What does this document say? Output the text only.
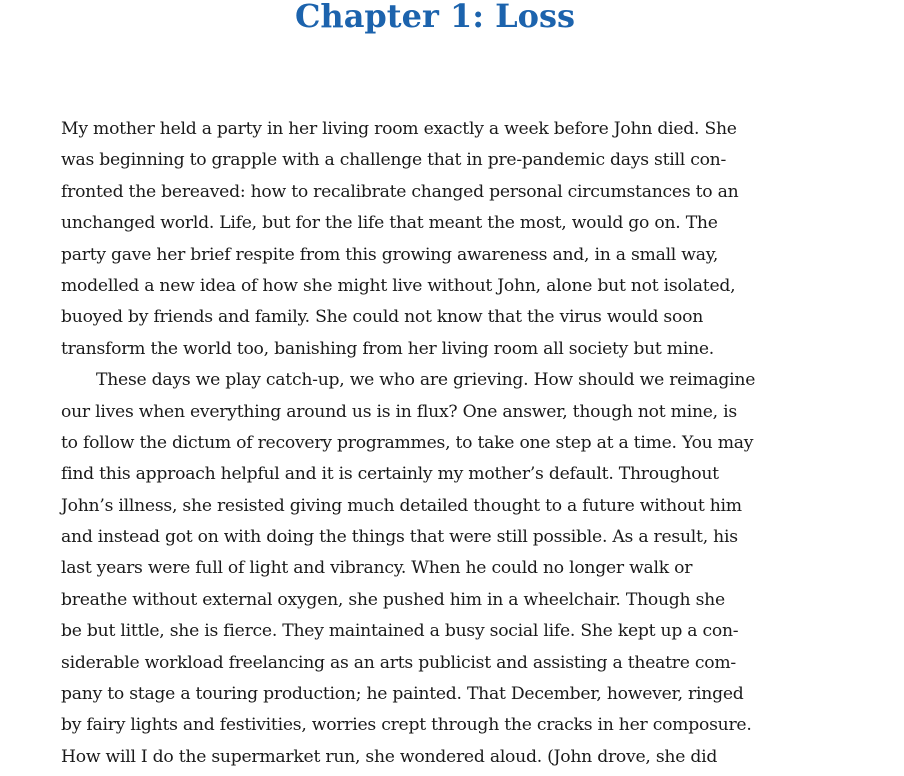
Chapter 1: Loss
My mother held a party in her living room exactly a week before John died. She
was beginning to grapple with a challenge that in pre-pandemic days still con-
fronted the bereaved: how to recalibrate changed personal circumstances to an
unchanged world. Life, but for the life that meant the most, would go on. The
party gave her brief respite from this growing awareness and, in a small way,
modelled a new idea of how she might live without John, alone but not isolated,
buoyed by friends and family. She could not know that the virus would soon
transform the world too, banishing from her living room all society but mine.
These days we play catch-up, we who are grieving. How should we reimagine
our lives when everything around us is in flux? One answer, though not mine, is
to follow the dictum of recovery programmes, to take one step at a time. You may
find this approach helpful and it is certainly my mother’s default. Throughout
John’s illness, she resisted giving much detailed thought to a future without him
and instead got on with doing the things that were still possible. As a result, his
last years were full of light and vibrancy. When he could no longer walk or
breathe without external oxygen, she pushed him in a wheelchair. Though she
be but little, she is fierce. They maintained a busy social life. She kept up a con-
siderable workload freelancing as an arts publicist and assisting a theatre com-
pany to stage a touring production; he painted. That December, however, ringed
by fairy lights and festivities, worries crept through the cracks in her composure.
How will I do the supermarket run, she wondered aloud. (John drove, she did
